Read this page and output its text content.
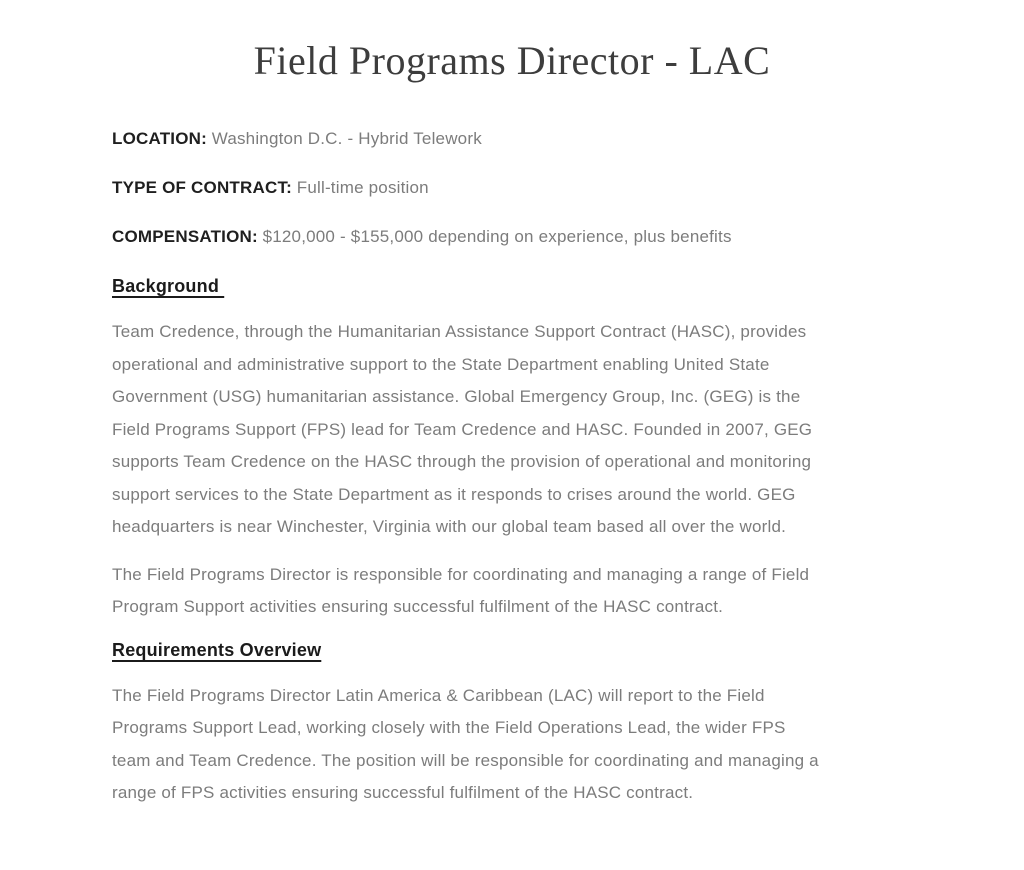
Field Programs Director - LAC

LOCATION: Washington D.C. - Hybrid Telework

TYPE OF CONTRACT: Full-time position

COMPENSATION: $120,000 - $155,000 depending on experience, plus benefits

Background

Team Credence, through the Humanitarian Assistance Support Contract (HASC), provides operational and administrative support to the State Department enabling United State Government (USG) humanitarian assistance. Global Emergency Group, Inc. (GEG) is the Field Programs Support (FPS) lead for Team Credence and HASC. Founded in 2007, GEG supports Team Credence on the HASC through the provision of operational and monitoring support services to the State Department as it responds to crises around the world. GEG headquarters is near Winchester, Virginia with our global team based all over the world.

The Field Programs Director is responsible for coordinating and managing a range of Field Program Support activities ensuring successful fulfilment of the HASC contract.

Requirements Overview

The Field Programs Director Latin America & Caribbean (LAC) will report to the Field Programs Support Lead, working closely with the Field Operations Lead, the wider FPS team and Team Credence. The position will be responsible for coordinating and managing a range of FPS activities ensuring successful fulfilment of the HASC contract.
